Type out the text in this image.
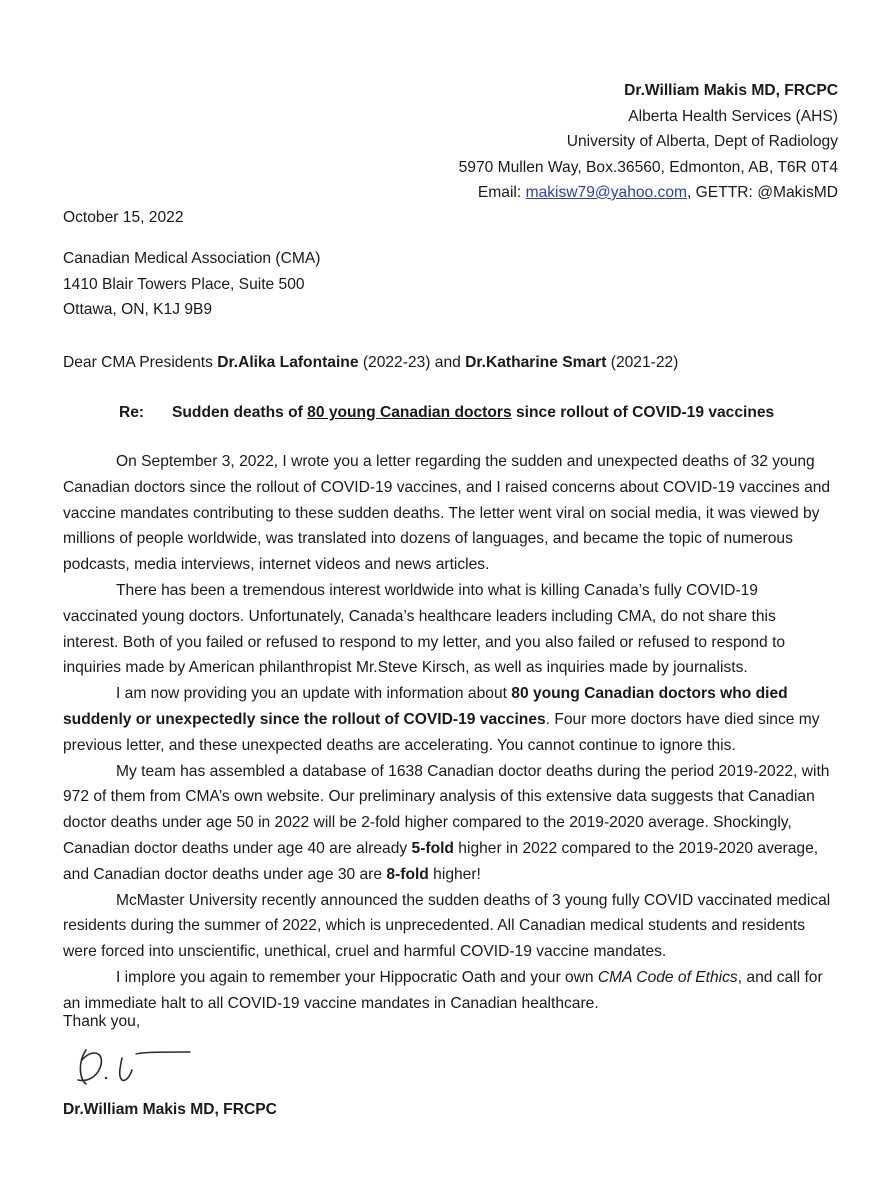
Dr.William Makis MD, FRCPC
Alberta Health Services (AHS)
University of Alberta, Dept of Radiology
5970 Mullen Way, Box.36560, Edmonton, AB, T6R 0T4
Email: makisw79@yahoo.com, GETTR: @MakisMD
October 15, 2022
Canadian Medical Association (CMA)
1410 Blair Towers Place, Suite 500
Ottawa, ON, K1J 9B9
Dear CMA Presidents Dr.Alika Lafontaine (2022-23) and Dr.Katharine Smart (2021-22)
Re: Sudden deaths of 80 young Canadian doctors since rollout of COVID-19 vaccines

On September 3, 2022, I wrote you a letter regarding the sudden and unexpected deaths of 32 young Canadian doctors since the rollout of COVID-19 vaccines, and I raised concerns about COVID-19 vaccines and vaccine mandates contributing to these sudden deaths. The letter went viral on social media, it was viewed by millions of people worldwide, was translated into dozens of languages, and became the topic of numerous podcasts, media interviews, internet videos and news articles.

There has been a tremendous interest worldwide into what is killing Canada’s fully COVID-19 vaccinated young doctors. Unfortunately, Canada’s healthcare leaders including CMA, do not share this interest. Both of you failed or refused to respond to my letter, and you also failed or refused to respond to inquiries made by American philanthropist Mr.Steve Kirsch, as well as inquiries made by journalists.

I am now providing you an update with information about 80 young Canadian doctors who died suddenly or unexpectedly since the rollout of COVID-19 vaccines. Four more doctors have died since my previous letter, and these unexpected deaths are accelerating. You cannot continue to ignore this.

My team has assembled a database of 1638 Canadian doctor deaths during the period 2019-2022, with 972 of them from CMA’s own website. Our preliminary analysis of this extensive data suggests that Canadian doctor deaths under age 50 in 2022 will be 2-fold higher compared to the 2019-2020 average. Shockingly, Canadian doctor deaths under age 40 are already 5-fold higher in 2022 compared to the 2019-2020 average, and Canadian doctor deaths under age 30 are 8-fold higher!

McMaster University recently announced the sudden deaths of 3 young fully COVID vaccinated medical residents during the summer of 2022, which is unprecedented. All Canadian medical students and residents were forced into unscientific, unethical, cruel and harmful COVID-19 vaccine mandates.

I implore you again to remember your Hippocratic Oath and your own CMA Code of Ethics, and call for an immediate halt to all COVID-19 vaccine mandates in Canadian healthcare.

Thank you,
Dr.William Makis MD, FRCPC
